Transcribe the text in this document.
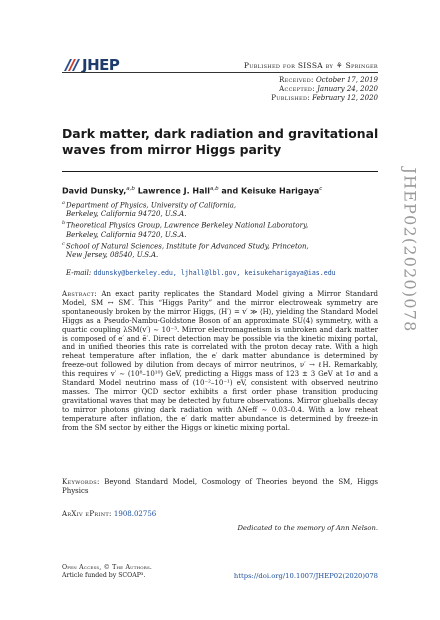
JHEP	Published for SISSA by ⚘ Springer
Received: October 17, 2019
Accepted: January 24, 2020
Published: February 12, 2020
Dark matter, dark radiation and gravitational waves from mirror Higgs parity
David Dunsky,$^{a,b}$ Lawrence J. Hall$^{a,b}$ and Keisuke Harigaya$^c$
$^a$Department of Physics, University of California,
Berkeley, California 94720, U.S.A.
$^b$Theoretical Physics Group, Lawrence Berkeley National Laboratory,
Berkeley, California 94720, U.S.A.
$^c$School of Natural Sciences, Institute for Advanced Study, Princeton,
New Jersey, 08540, U.S.A.
E-mail: ddunsky@berkeley.edu, ljhall@lbl.gov, keisukeharigaya@ias.edu
Abstract: An exact parity replicates the Standard Model giving a Mirror Standard Model, SM ↔ SM′. This “Higgs Parity” and the mirror electroweak symmetry are spontaneously broken by the mirror Higgs, ⟨H′⟩ = v′ ≫ ⟨H⟩, yielding the Standard Model Higgs as a Pseudo-Nambu-Goldstone Boson of an approximate SU(4) symmetry, with a quartic coupling λSM(v′) ∼ 10⁻³. Mirror electromagnetism is unbroken and dark matter is composed of e′ and ē′. Direct detection may be possible via the kinetic mixing portal, and in unified theories this rate is correlated with the proton decay rate. With a high reheat temperature after inflation, the e′ dark matter abundance is determined by freeze-out followed by dilution from decays of mirror neutrinos, ν′ → ℓH. Remarkably, this requires v′ ∼ (10⁸–10¹⁰) GeV, predicting a Higgs mass of 123 ± 3 GeV at 1σ and a Standard Model neutrino mass of (10⁻²–10⁻¹) eV, consistent with observed neutrino masses. The mirror QCD sector exhibits a first order phase transition producing gravitational waves that may be detected by future observations. Mirror glueballs decay to mirror photons giving dark radiation with ΔNeff ∼ 0.03–0.4. With a low reheat temperature after inflation, the e′ dark matter abundance is determined by freeze-in from the SM sector by either the Higgs or kinetic mixing portal.
Keywords: Beyond Standard Model, Cosmology of Theories beyond the SM, Higgs Physics
ArXiv ePrint: 1908.02756
Dedicated to the memory of Ann Nelson.
Open Access, © The Authors.
Article funded by SCOAP³.	https://doi.org/10.1007/JHEP02(2020)078
JHEP02(2020)078
